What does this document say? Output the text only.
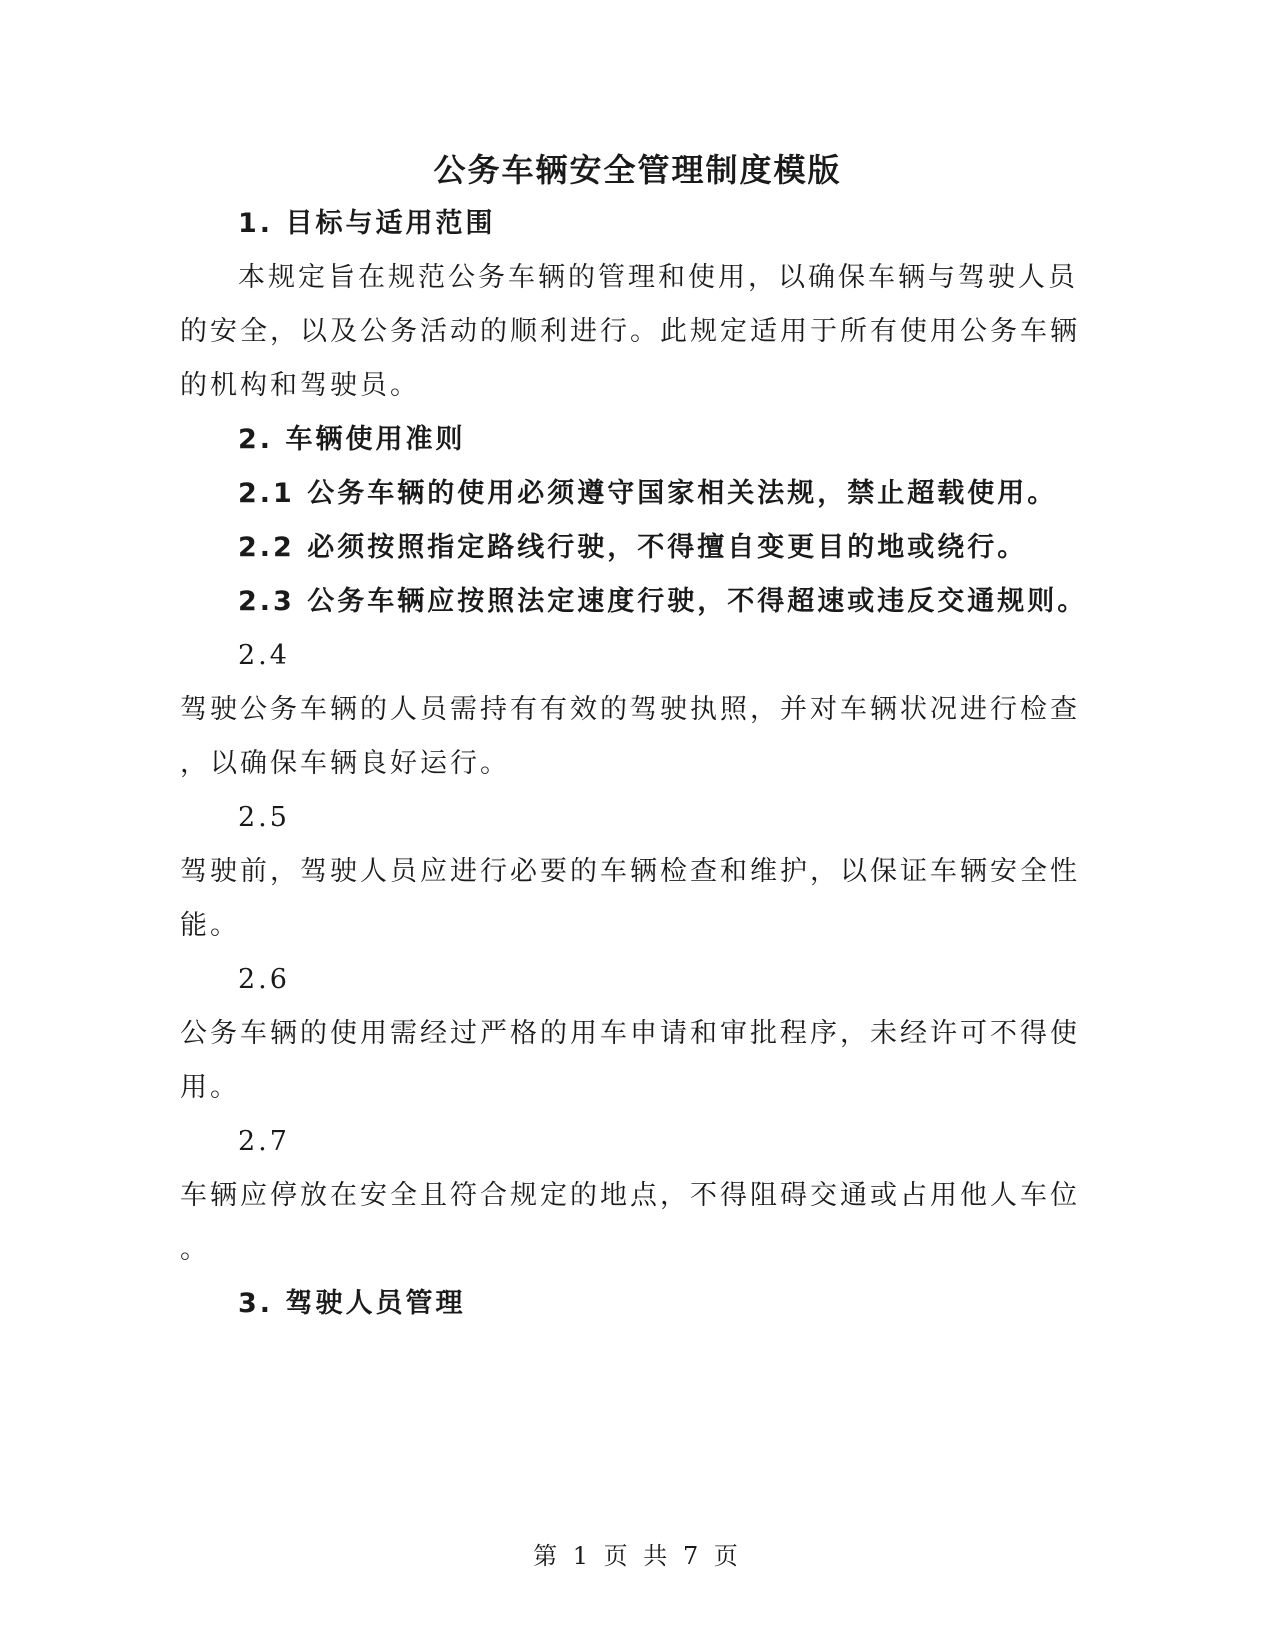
公务车辆安全管理制度模版
1. 目标与适用范围
本规定旨在规范公务车辆的管理和使用，以确保车辆与驾驶人员
的安全，以及公务活动的顺利进行。此规定适用于所有使用公务车辆
的机构和驾驶员。
2. 车辆使用准则
2.1 公务车辆的使用必须遵守国家相关法规，禁止超载使用。
2.2 必须按照指定路线行驶，不得擅自变更目的地或绕行。
2.3 公务车辆应按照法定速度行驶，不得超速或违反交通规则。
2.4
驾驶公务车辆的人员需持有有效的驾驶执照，并对车辆状况进行检查
，以确保车辆良好运行。
2.5
驾驶前，驾驶人员应进行必要的车辆检查和维护，以保证车辆安全性
能。
2.6
公务车辆的使用需经过严格的用车申请和审批程序，未经许可不得使
用。
2.7
车辆应停放在安全且符合规定的地点，不得阻碍交通或占用他人车位
。
3. 驾驶人员管理
第 1 页 共 7 页
